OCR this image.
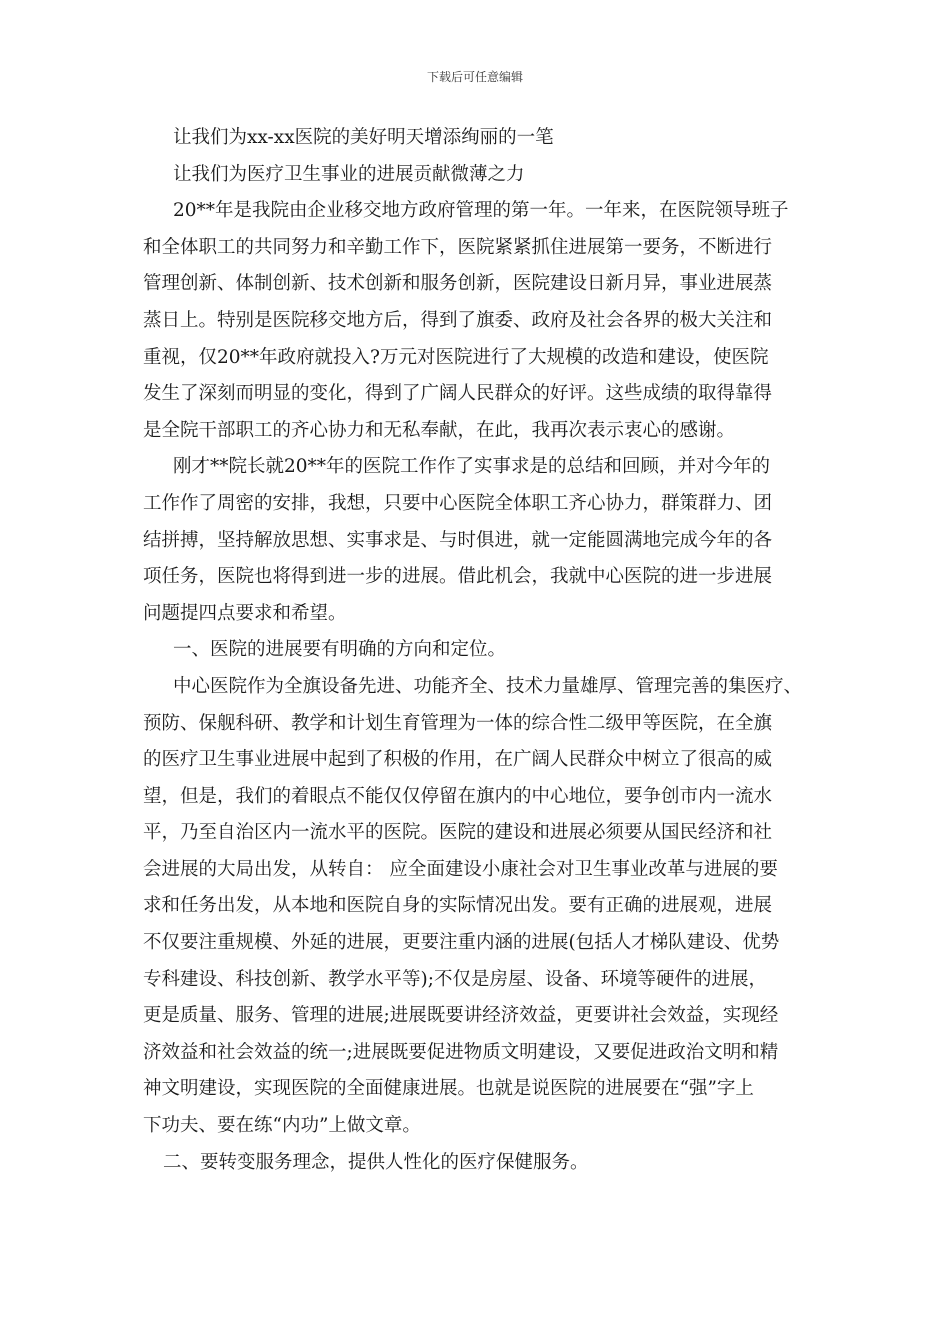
下载后可任意编辑
让我们为xx-xx医院的美好明天增添绚丽的一笔
让我们为医疗卫生事业的进展贡献微薄之力
20**年是我院由企业移交地方政府管理的第一年。一年来，在医院领导班子
和全体职工的共同努力和辛勤工作下，医院紧紧抓住进展第一要务，不断进行
管理创新、体制创新、技术创新和服务创新，医院建设日新月异，事业进展蒸
蒸日上。特别是医院移交地方后，得到了旗委、政府及社会各界的极大关注和
重视，仅20**年政府就投入?万元对医院进行了大规模的改造和建设，使医院
发生了深刻而明显的变化，得到了广阔人民群众的好评。这些成绩的取得靠得
是全院干部职工的齐心协力和无私奉献，在此，我再次表示衷心的感谢。
刚才**院长就20**年的医院工作作了实事求是的总结和回顾，并对今年的
工作作了周密的安排，我想，只要中心医院全体职工齐心协力，群策群力、团
结拼搏，坚持解放思想、实事求是、与时俱进，就一定能圆满地完成今年的各
项任务，医院也将得到进一步的进展。借此机会，我就中心医院的进一步进展
问题提四点要求和希望。
一、医院的进展要有明确的方向和定位。
中心医院作为全旗设备先进、功能齐全、技术力量雄厚、管理完善的集医疗、
预防、保舰科研、教学和计划生育管理为一体的综合性二级甲等医院，在全旗
的医疗卫生事业进展中起到了积极的作用，在广阔人民群众中树立了很高的威
望，但是，我们的着眼点不能仅仅停留在旗内的中心地位，要争创市内一流水
平，乃至自治区内一流水平的医院。医院的建设和进展必须要从国民经济和社
会进展的大局出发，从转自： 应全面建设小康社会对卫生事业改革与进展的要
求和任务出发，从本地和医院自身的实际情况出发。要有正确的进展观，进展
不仅要注重规模、外延的进展，更要注重内涵的进展(包括人才梯队建设、优势
专科建设、科技创新、教学水平等);不仅是房屋、设备、环境等硬件的进展，
更是质量、服务、管理的进展;进展既要讲经济效益，更要讲社会效益，实现经
济效益和社会效益的统一;进展既要促进物质文明建设，又要促进政治文明和精
神文明建设，实现医院的全面健康进展。也就是说医院的进展要在“强”字上
下功夫、要在练“内功”上做文章。
二、要转变服务理念，提供人性化的医疗保健服务。
